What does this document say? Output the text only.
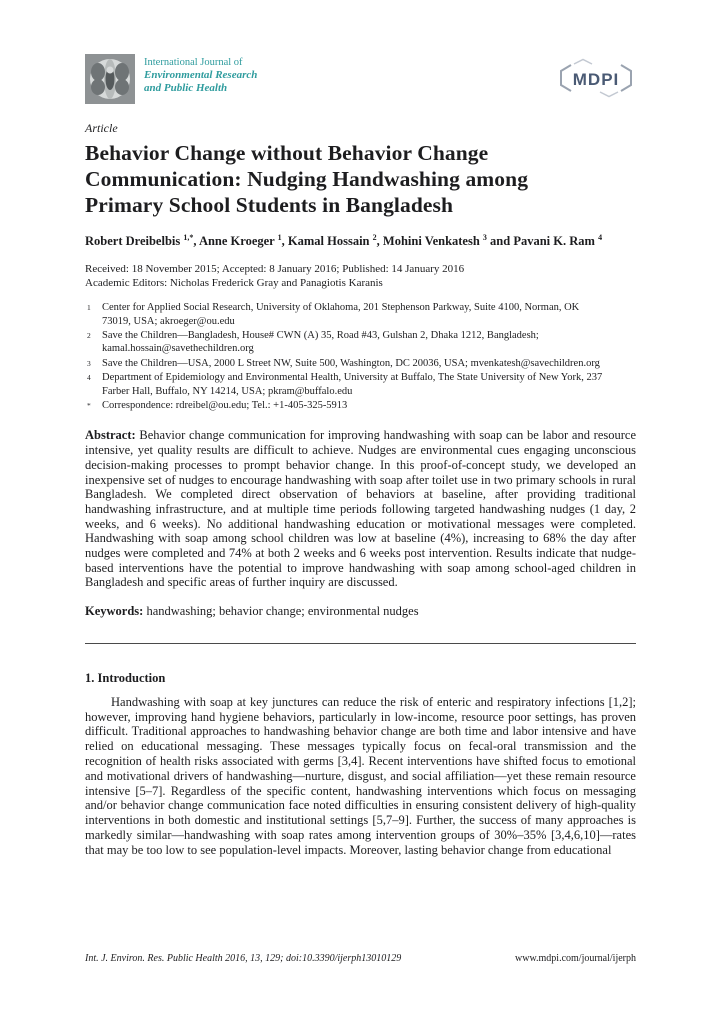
International Journal of
Environmental Research
and Public Health	MDPI
Article
Behavior Change without Behavior Change Communication: Nudging Handwashing among Primary School Students in Bangladesh
Robert Dreibelbis $^{1,*}$, Anne Kroeger $^1$, Kamal Hossain $^2$, Mohini Venkatesh $^3$ and Pavani K. Ram $^4$
Received: 18 November 2015; Accepted: 8 January 2016; Published: 14 January 2016
Academic Editors: Nicholas Frederick Gray and Panagiotis Karanis
1 Center for Applied Social Research, University of Oklahoma, 201 Stephenson Parkway, Suite 4100, Norman, OK 73019, USA; akroeger@ou.edu
2 Save the Children—Bangladesh, House# CWN (A) 35, Road #43, Gulshan 2, Dhaka 1212, Bangladesh; kamal.hossain@savethechildren.org
3 Save the Children—USA, 2000 L Street NW, Suite 500, Washington, DC 20036, USA; mvenkatesh@savechildren.org
4 Department of Epidemiology and Environmental Health, University at Buffalo, The State University of New York, 237 Farber Hall, Buffalo, NY 14214, USA; pkram@buffalo.edu
* Correspondence: rdreibel@ou.edu; Tel.: +1-405-325-5913

Abstract: Behavior change communication for improving handwashing with soap can be labor and resource intensive, yet quality results are difficult to achieve. Nudges are environmental cues engaging unconscious decision-making processes to prompt behavior change. In this proof-of-concept study, we developed an inexpensive set of nudges to encourage handwashing with soap after toilet use in two primary schools in rural Bangladesh. We completed direct observation of behaviors at baseline, after providing traditional handwashing infrastructure, and at multiple time periods following targeted handwashing nudges (1 day, 2 weeks, and 6 weeks). No additional handwashing education or motivational messages were completed. Handwashing with soap among school children was low at baseline (4%), increasing to 68% the day after nudges were completed and 74% at both 2 weeks and 6 weeks post intervention. Results indicate that nudge-based interventions have the potential to improve handwashing with soap among school-aged children in Bangladesh and specific areas of further inquiry are discussed.

Keywords: handwashing; behavior change; environmental nudges

1. Introduction

Handwashing with soap at key junctures can reduce the risk of enteric and respiratory infections [1,2]; however, improving hand hygiene behaviors, particularly in low-income, resource poor settings, has proven difficult. Traditional approaches to handwashing behavior change are both time and labor intensive and have relied on educational messaging. These messages typically focus on fecal-oral transmission and the recognition of health risks associated with germs [3,4]. Recent interventions have shifted focus to emotional and motivational drivers of handwashing—nurture, disgust, and social affiliation—yet these remain resource intensive [5–7]. Regardless of the specific content, handwashing interventions which focus on messaging and/or behavior change communication face noted difficulties in ensuring consistent delivery of high-quality interventions in both domestic and institutional settings [5,7–9]. Further, the success of many approaches is markedly similar—handwashing with soap rates among intervention groups of 30%–35% [3,4,6,10]—rates that may be too low to see population-level impacts. Moreover, lasting behavior change from educational

Int. J. Environ. Res. Public Health 2016, 13, 129; doi:10.3390/ijerph13010129	www.mdpi.com/journal/ijerph
